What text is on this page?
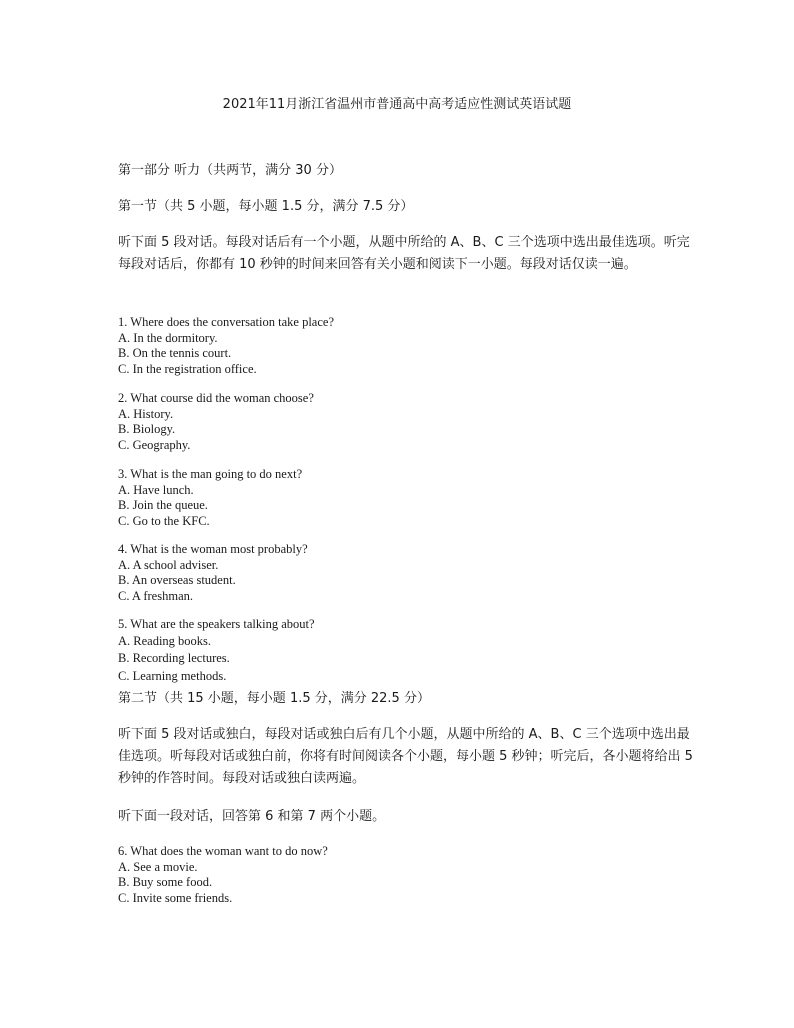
2021年11月浙江省温州市普通高中高考适应性测试英语试题

第一部分 听力（共两节，满分 30 分）

第一节（共 5 小题，每小题 1.5 分，满分 7.5 分）

听下面 5 段对话。每段对话后有一个小题，从题中所给的 A、B、C 三个选项中选出最佳选项。听完每段对话后，你都有 10 秒钟的时间来回答有关小题和阅读下一小题。每段对话仅读一遍。

1. Where does the conversation take place?

A. In the dormitory.

B. On the tennis court.

C. In the registration office.

2. What course did the woman choose?

A. History.

B. Biology.

C. Geography.

3. What is the man going to do next?

A. Have lunch.

B. Join the queue.

C. Go to the KFC.

4. What is the woman most probably?

A. A school adviser.

B. An overseas student.

C. A freshman.

5. What are the speakers talking about?

A. Reading books.

B. Recording lectures.

C. Learning methods.

第二节（共 15 小题，每小题 1.5 分，满分 22.5 分）

听下面 5 段对话或独白，每段对话或独白后有几个小题，从题中所给的 A、B、C 三个选项中选出最佳选项。听每段对话或独白前，你将有时间阅读各个小题，每小题 5 秒钟；听完后，各小题将给出 5 秒钟的作答时间。每段对话或独白读两遍。

听下面一段对话，回答第 6 和第 7 两个小题。

6. What does the woman want to do now?

A. See a movie.

B. Buy some food.

C. Invite some friends.
